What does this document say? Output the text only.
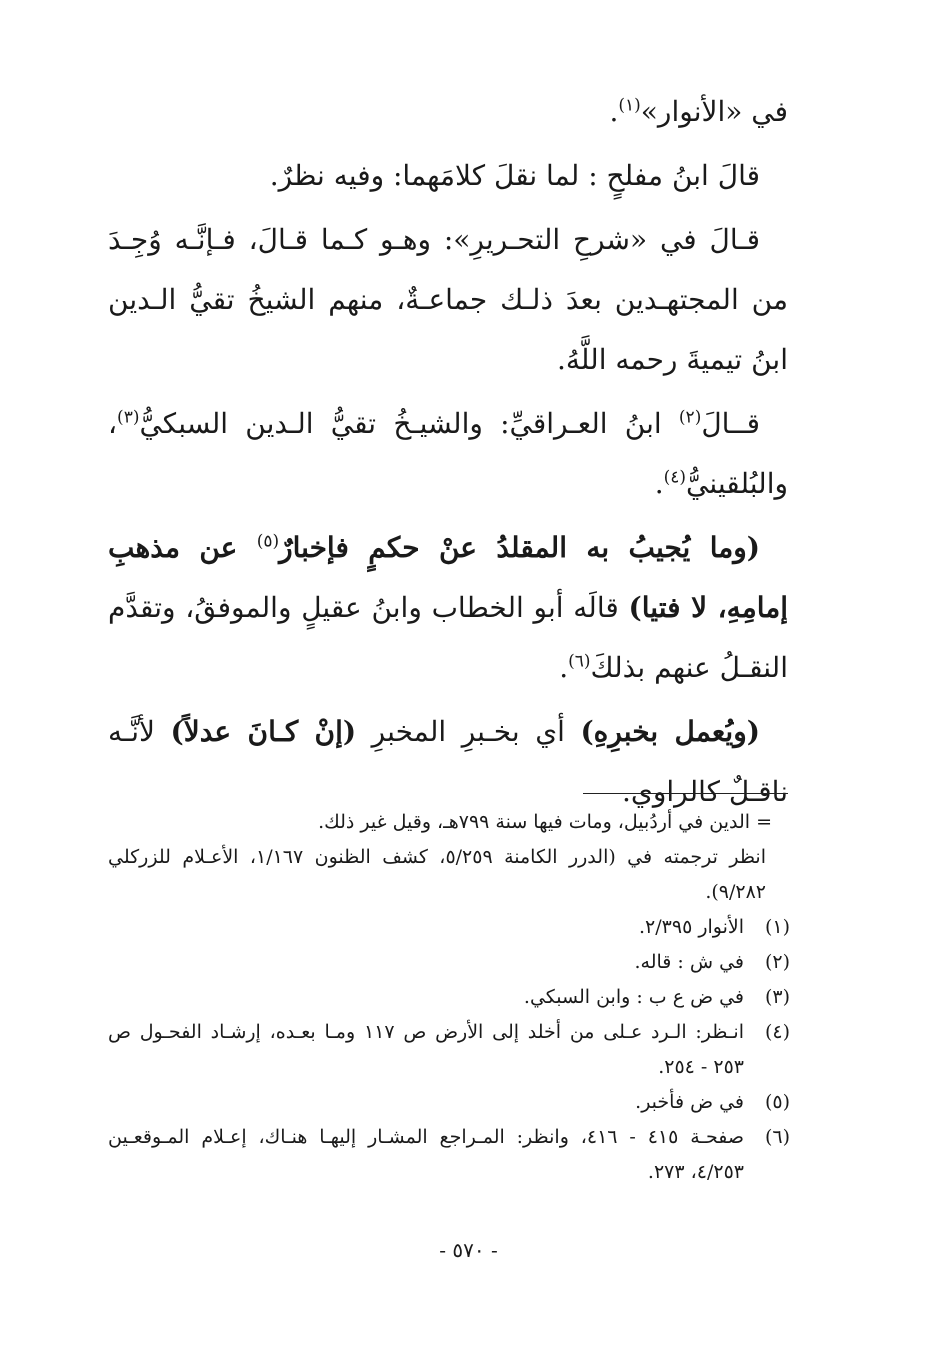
في «الأنوار»$^{(١)}$.

قالَ ابنُ مفلحٍ : لما نقلَ كلامَهما: وفيه نظرٌ.

قـالَ في «شرحِ التحـريرِ»: وهـو كـما قـالَ، فـإنَّـه وُجِـدَ من المجتهـدين بعدَ ذلـك جماعـةٌ، منهم الشيخُ تقيُّ الـدين ابنُ تيميةَ رحمه اللَّهُ.

قــالَ$^{(٢)}$ ابنُ العـراقيِّ: والشيـخُ تقيُّ الـدين السبكيُّ$^{(٣)}$، والبُلقينيُّ$^{(٤)}$.

(وما يُجيبُ به المقلدُ عنْ حكمٍ فإخبارٌ$^{(٥)}$ عن مذهبِ إمامِهِ، لا فتيا) قالَه أبو الخطاب وابنُ عقيلٍ والموفقُ، وتقدَّم النقـلُ عنهم بذلكَ$^{(٦)}$.

(ويُعمل بخبرِهِ) أي بخـبرِ المخبرِ (إنْ كـانَ عدلاً) لأنَّـه ناقـلٌ كالراوي.

= الدين في أردُبيل، ومات فيها سنة ٧٩٩هـ، وقيل غير ذلك.

انظر ترجمته في (الدرر الكامنة ٥/٢٥٩، كشف الظنون ١/١٦٧، الأعـلام للزركلي ٩/٢٨٢).

(١)
الأنوار ٢/٣٩٥.
(٢)
في ش : قاله.
(٣)
في ض ع ب : وابن السبكي.
(٤)
انـظر: الـرد عـلى من أخلد إلى الأرض ص ١١٧ ومـا بعـده، إرشـاد الفحـول ص ٢٥٣ - ٢٥٤.
(٥)
في ض فأخبر.
(٦)
صفحـة ٤١٥ - ٤١٦، وانظر: المـراجع المشـار إليهـا هنـاك، إعـلام المـوقعـين ٤/٢٥٣، ٢٧٣.
- ٥٧٠ -
